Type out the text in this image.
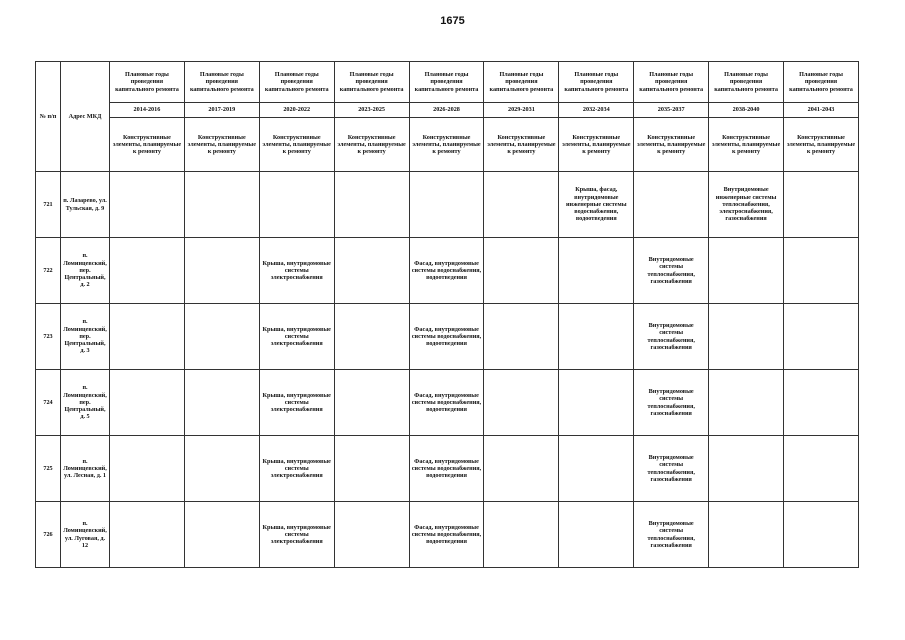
1675
№ п/п	Адрес МКД	Плановые годы проведения капитального ремонта	Плановые годы проведения капитального ремонта	Плановые годы проведения капитального ремонта	Плановые годы проведения капитального ремонта	Плановые годы проведения капитального ремонта	Плановые годы проведения капитального ремонта	Плановые годы проведения капитального ремонта	Плановые годы проведения капитального ремонта	Плановые годы проведения капитального ремонта	Плановые годы проведения капитального ремонта
		2014-2016	2017-2019	2020-2022	2023-2025	2026-2028	2029-2031	2032-2034	2035-2037	2038-2040	2041-2043
		Конструктивные элементы, планируемые к ремонту	Конструктивные элементы, планируемые к ремонту	Конструктивные элементы, планируемые к ремонту	Конструктивные элементы, планируемые к ремонту	Конструктивные элементы, планируемые к ремонту	Конструктивные элементы, планируемые к ремонту	Конструктивные элементы, планируемые к ремонту	Конструктивные элементы, планируемые к ремонту	Конструктивные элементы, планируемые к ремонту	Конструктивные элементы, планируемые к ремонту
721	п. Лазарево, ул. Тульская, д. 9							Крыша, фасад, внутридомовые инженерные системы водоснабжения, водоотведения		Внутридомовые инженерные системы теплоснабжения, электроснабжения, газоснабжения	
722	п. Ломинцевский, пер. Центральный, д. 2			Крыша, внутридомовые системы электроснабжения		Фасад, внутридомовые системы водоснабжения, водоотведения			Внутридомовые системы теплоснабжения, газоснабжения		
723	п. Ломинцевский, пер. Центральный, д. 3			Крыша, внутридомовые системы электроснабжения		Фасад, внутридомовые системы водоснабжения, водоотведения			Внутридомовые системы теплоснабжения, газоснабжения		
724	п. Ломинцевский, пер. Центральный, д. 5			Крыша, внутридомовые системы электроснабжения		Фасад, внутридомовые системы водоснабжения, водоотведения			Внутридомовые системы теплоснабжения, газоснабжения		
725	п. Ломинцевский, ул. Лесная, д. 1			Крыша, внутридомовые системы электроснабжения		Фасад, внутридомовые системы водоснабжения, водоотведения			Внутридомовые системы теплоснабжения, газоснабжения		
726	п. Ломинцевский, ул. Луговая, д. 12			Крыша, внутридомовые системы электроснабжения		Фасад, внутридомовые системы водоснабжения, водоотведения			Внутридомовые системы теплоснабжения, газоснабжения		
